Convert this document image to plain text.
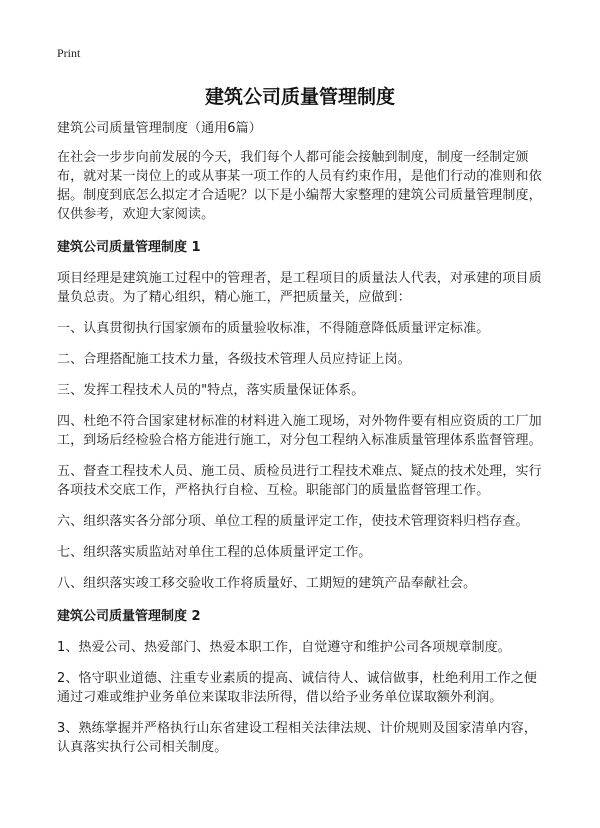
Print
建筑公司质量管理制度

建筑公司质量管理制度（通用6篇）

在社会一步步向前发展的今天，我们每个人都可能会接触到制度，制度一经制定颁布，就对某一岗位上的或从事某一项工作的人员有约束作用，是他们行动的准则和依据。制度到底怎么拟定才合适呢？以下是小编帮大家整理的建筑公司质量管理制度，仅供参考，欢迎大家阅读。

建筑公司质量管理制度 1

项目经理是建筑施工过程中的管理者，是工程项目的质量法人代表，对承建的项目质量负总责。为了精心组织，精心施工，严把质量关，应做到：

一、认真贯彻执行国家颁布的质量验收标准，不得随意降低质量评定标准。

二、合理搭配施工技术力量，各级技术管理人员应持证上岗。

三、发挥工程技术人员的"特点，落实质量保证体系。

四、杜绝不符合国家建材标准的材料进入施工现场，对外物件要有相应资质的工厂加工，到场后经检验合格方能进行施工，对分包工程纳入标准质量管理体系监督管理。

五、督查工程技术人员、施工员、质检员进行工程技术难点、疑点的技术处理，实行各项技术交底工作，严格执行自检、互检。职能部门的质量监督管理工作。

六、组织落实各分部分项、单位工程的质量评定工作，使技术管理资料归档存查。

七、组织落实质监站对单住工程的总体质量评定工作。

八、组织落实竣工移交验收工作将质量好、工期短的建筑产品奉献社会。

建筑公司质量管理制度 2

1、热爱公司、热爱部门、热爱本职工作，自觉遵守和维护公司各项规章制度。

2、恪守职业道德、注重专业素质的提高、诚信待人、诚信做事，杜绝利用工作之便通过刁难或维护业务单位来谋取非法所得，借以给予业务单位谋取额外利润。

3、熟练掌握并严格执行山东省建设工程相关法律法规、计价规则及国家清单内容，认真落实执行公司相关制度。
